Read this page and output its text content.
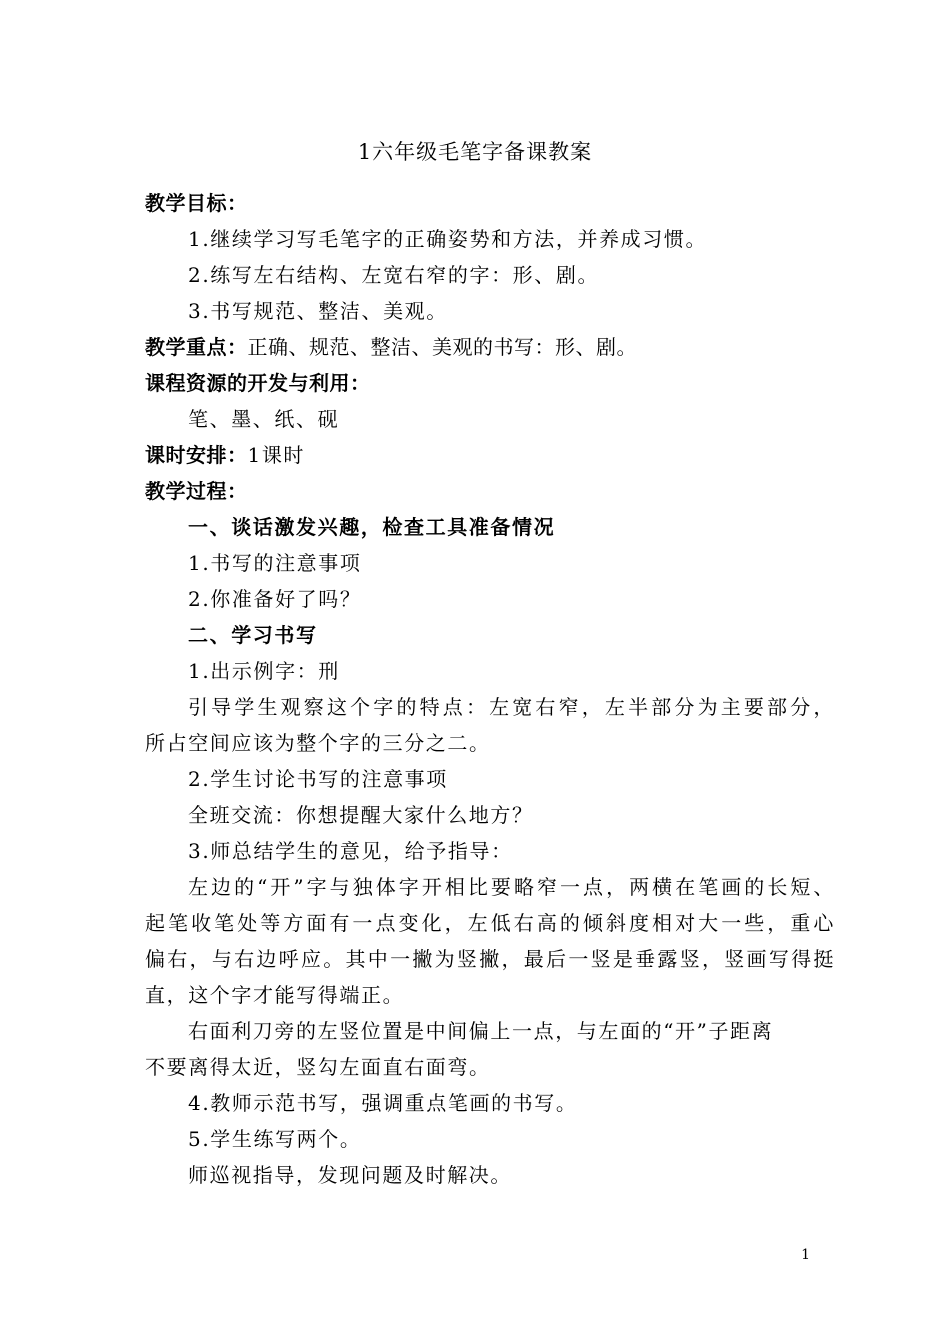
1六年级毛笔字备课教案
教学目标：
1.继续学习写毛笔字的正确姿势和方法，并养成习惯。
2.练写左右结构、左宽右窄的字：形、剧。
3.书写规范、整洁、美观。
教学重点：正确、规范、整洁、美观的书写：形、剧。
课程资源的开发与利用：
笔、墨、纸、砚
课时安排：1课时
教学过程：
一、谈话激发兴趣，检查工具准备情况
1.书写的注意事项
2.你准备好了吗？
二、学习书写
1.出示例字：刑
引导学生观察这个字的特点：左宽右窄，左半部分为主要部分，
所占空间应该为整个字的三分之二。
2.学生讨论书写的注意事项
全班交流：你想提醒大家什么地方？
3.师总结学生的意见，给予指导：
左边的“开”字与独体字开相比要略窄一点，两横在笔画的长短、
起笔收笔处等方面有一点变化，左低右高的倾斜度相对大一些，重心
偏右，与右边呼应。其中一撇为竖撇，最后一竖是垂露竖，竖画写得挺
直，这个字才能写得端正。
右面利刀旁的左竖位置是中间偏上一点，与左面的“开”子距离
不要离得太近，竖勾左面直右面弯。
4.教师示范书写，强调重点笔画的书写。
5.学生练写两个。
师巡视指导，发现问题及时解决。
1
